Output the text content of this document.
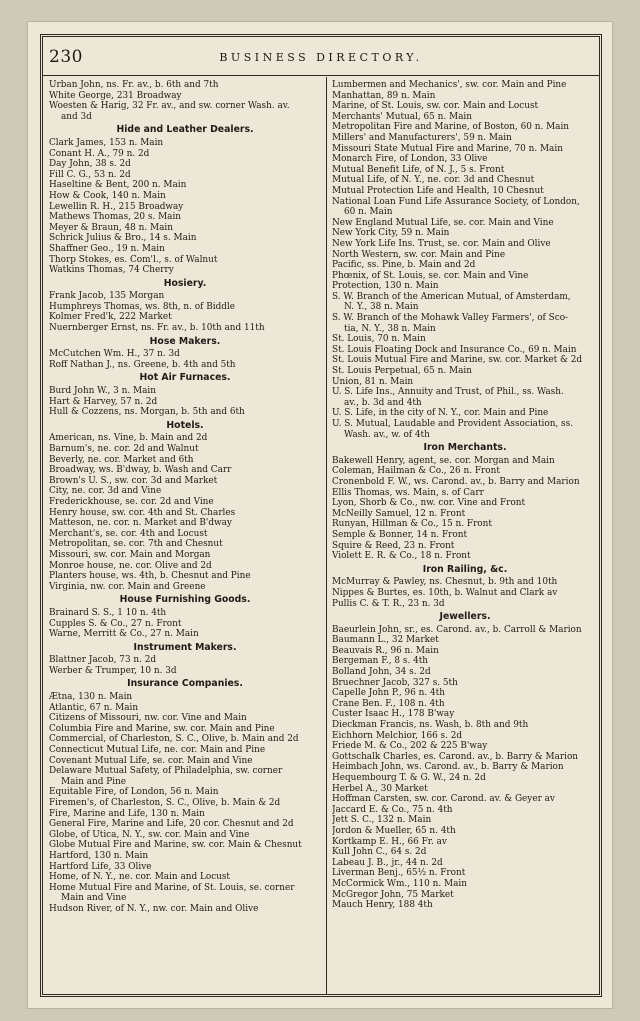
230	BUSINESS DIRECTORY.
Urban John, ns. Fr. av., b. 6th and 7th
White George, 231 Broadway
Woesten & Harig, 32 Fr. av., and sw. corner Wash. av.
and 3d
Hide and Leather Dealers.
Clark James, 153 n. Main
Conant H. A., 79 n. 2d
Day John, 38 s. 2d
Fill C. G., 53 n. 2d
Haseltine & Bent, 200 n. Main
How & Cook, 140 n. Main
Lewellin R. H., 215 Broadway
Mathews Thomas, 20 s. Main
Meyer & Braun, 48 n. Main
Schrick Julius & Bro., 14 s. Main
Shaffner Geo., 19 n. Main
Thorp Stokes, es. Com'l., s. of Walnut
Watkins Thomas, 74 Cherry
Hosiery.
Frank Jacob, 135 Morgan
Humphreys Thomas, ws. 8th, n. of Biddle
Kolmer Fred'k, 222 Market
Nuernberger Ernst, ns. Fr. av., b. 10th and 11th
Hose Makers.
McCutchen Wm. H., 37 n. 3d
Roff Nathan J., ns. Greene, b. 4th and 5th
Hot Air Furnaces.
Burd John W., 3 n. Main
Hart & Harvey, 57 n. 2d
Hull & Cozzens, ns. Morgan, b. 5th and 6th
Hotels.
American, ns. Vine, b. Main and 2d
Barnum's, ne. cor. 2d and Walnut
Beverly, ne. cor. Market and 6th
Broadway, ws. B'dway, b. Wash and Carr
Brown's U. S., sw. cor. 3d and Market
City, ne. cor. 3d and Vine
Frederickhouse, se. cor. 2d and Vine
Henry house, sw. cor. 4th and St. Charles
Matteson, ne. cor. n. Market and B'dway
Merchant's, se. cor. 4th and Locust
Metropolitan, se. cor. 7th and Chesnut
Missouri, sw. cor. Main and Morgan
Monroe house, ne. cor. Olive and 2d
Planters house, ws. 4th, b. Chesnut and Pine
Virginia, nw. cor. Main and Greene
House Furnishing Goods.
Brainard S. S., 1 10 n. 4th
Cupples S. & Co., 27 n. Front
Warne, Merritt & Co., 27 n. Main
Instrument Makers.
Blattner Jacob, 73 n. 2d
Werber & Trumper, 10 n. 3d
Insurance Companies.
Ætna, 130 n. Main
Atlantic, 67 n. Main
Citizens of Missouri, nw. cor. Vine and Main
Columbia Fire and Marine, sw. cor. Main and Pine
Commercial, of Charleston, S. C., Olive, b. Main and 2d
Connecticut Mutual Life, ne. cor. Main and Pine
Covenant Mutual Life, se. cor. Main and Vine
Delaware Mutual Safety, of Philadelphia, sw. corner
Main and Pine
Equitable Fire, of London, 56 n. Main
Firemen's, of Charleston, S. C., Olive, b. Main & 2d
Fire, Marine and Life, 130 n. Main
General Fire, Marine and Life, 20 cor. Chesnut and 2d
Globe, of Utica, N. Y., sw. cor. Main and Vine
Globe Mutual Fire and Marine, sw. cor. Main & Chesnut
Hartford, 130 n. Main
Hartford Life, 33 Olive
Home, of N. Y., ne. cor. Main and Locust
Home Mutual Fire and Marine, of St. Louis, se. corner
Main and Vine
Hudson River, of N. Y., nw. cor. Main and Olive
Lumbermen and Mechanics', sw. cor. Main and Pine
Manhattan, 89 n. Main
Marine, of St. Louis, sw. cor. Main and Locust
Merchants' Mutual, 65 n. Main
Metropolitan Fire and Marine, of Boston, 60 n. Main
Millers' and Manufacturers', 59 n. Main
Missouri State Mutual Fire and Marine, 70 n. Main
Monarch Fire, of London, 33 Olive
Mutual Benefit Life, of N. J., 5 s. Front
Mutual Life, of N. Y., ne. cor. 3d and Chesnut
Mutual Protection Life and Health, 10 Chesnut
National Loan Fund Life Assurance Society, of London,
60 n. Main
New England Mutual Life, se. cor. Main and Vine
New York City, 59 n. Main
New York Life Ins. Trust, se. cor. Main and Olive
North Western, sw. cor. Main and Pine
Pacific, ss. Pine, b. Main and 2d
Phœnix, of St. Louis, se. cor. Main and Vine
Protection, 130 n. Main
S. W. Branch of the American Mutual, of Amsterdam,
N. Y., 38 n. Main
S. W. Branch of the Mohawk Valley Farmers', of Sco-
tia, N. Y., 38 n. Main
St. Louis, 70 n. Main
St. Louis Floating Dock and Insurance Co., 69 n. Main
St. Louis Mutual Fire and Marine, sw. cor. Market & 2d
St. Louis Perpetual, 65 n. Main
Union, 81 n. Main
U. S. Life Ins., Annuity and Trust, of Phil., ss. Wash.
av., b. 3d and 4th
U. S. Life, in the city of N. Y., cor. Main and Pine
U. S. Mutual, Laudable and Provident Association, ss.
Wash. av., w. of 4th
Iron Merchants.
Bakewell Henry, agent, se. cor. Morgan and Main
Coleman, Hailman & Co., 26 n. Front
Cronenbold F. W., ws. Carond. av., b. Barry and Marion
Ellis Thomas, ws. Main, s. of Carr
Lyon, Shorb & Co., nw. cor. Vine and Front
McNeilly Samuel, 12 n. Front
Runyan, Hillman & Co., 15 n. Front
Semple & Bonner, 14 n. Front
Squire & Reed, 23 n. Front
Violett E. R. & Co., 18 n. Front
Iron Railing, &c.
McMurray & Pawley, ns. Chesnut, b. 9th and 10th
Nippes & Burtes, es. 10th, b. Walnut and Clark av
Pullis C. & T. R., 23 n. 3d
Jewellers.
Baeurlein John, sr., es. Carond. av., b. Carroll & Marion
Baumann L., 32 Market
Beauvais R., 96 n. Main
Bergeman F., 8 s. 4th
Bolland John, 34 s. 2d
Bruechner Jacob, 327 s. 5th
Capelle John P., 96 n. 4th
Crane Ben. F., 108 n. 4th
Custer Isaac H., 178 B'way
Dieckman Francis, ns. Wash, b. 8th and 9th
Eichhorn Melchior, 166 s. 2d
Friede M. & Co., 202 & 225 B'way
Gottschalk Charles, es. Carond. av., b. Barry & Marion
Heimbach John, ws. Carond. av., b. Barry & Marion
Hequembourg T. & G. W., 24 n. 2d
Herbel A., 30 Market
Hoffman Carsten, sw. cor. Carond. av. & Geyer av
Jaccard E. & Co., 75 n. 4th
Jett S. C., 132 n. Main
Jordon & Mueller, 65 n. 4th
Kortkamp E. H., 66 Fr. av
Kull John C., 64 s. 2d
Labeau J. B., jr., 44 n. 2d
Liverman Benj., 65½ n. Front
McCormick Wm., 110 n. Main
McGregor John, 75 Market
Mauch Henry, 188 4th
